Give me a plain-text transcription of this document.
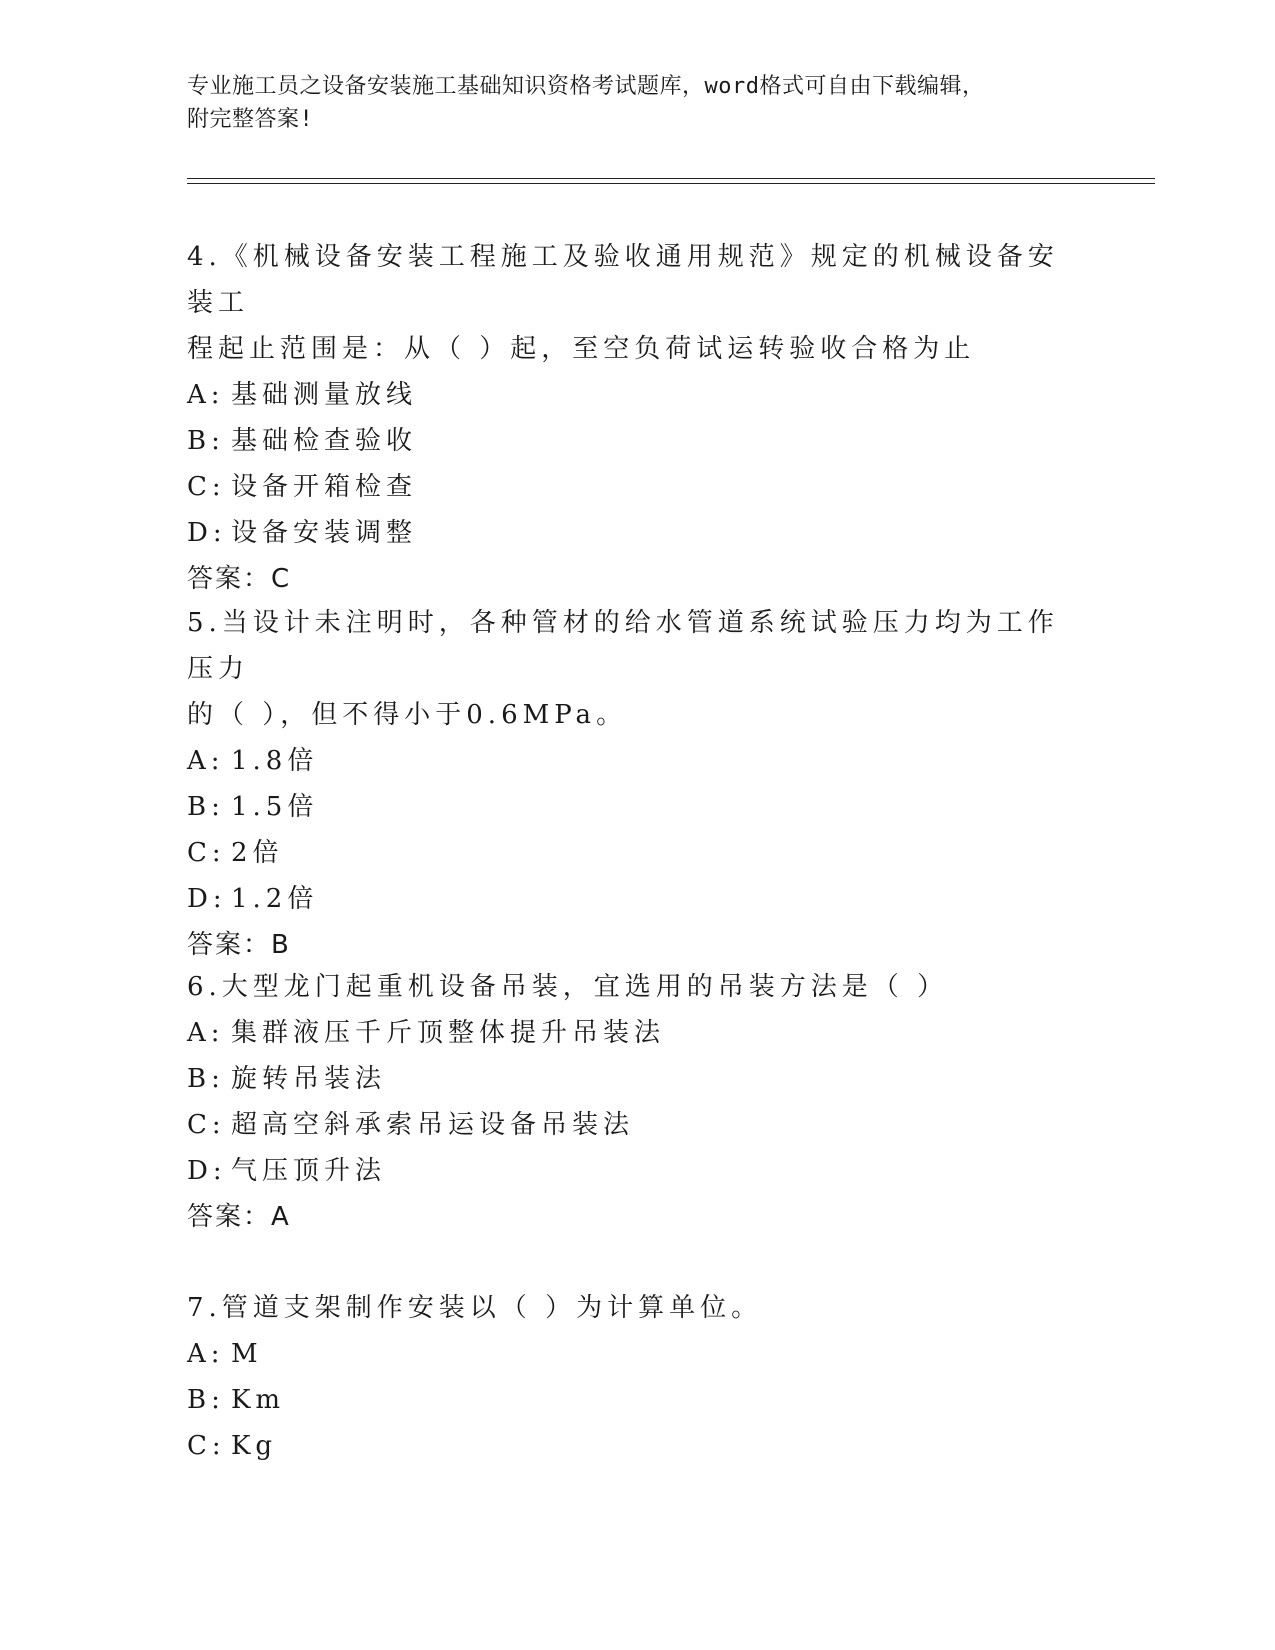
专业施工员之设备安装施工基础知识资格考试题库，word格式可自由下载编辑，
附完整答案!
4.《机械设备安装工程施工及验收通用规范》规定的机械设备安装工
程起止范围是：从（ ）起，至空负荷试运转验收合格为止
A: 基础测量放线
B: 基础检查验收
C: 设备开箱检查
D: 设备安装调整
答案：C
5.当设计未注明时，各种管材的给水管道系统试验压力均为工作压力
的（ ），但不得小于0.6MPa。
A: 1.8倍
B: 1.5倍
C: 2倍
D: 1.2倍
答案：B
6.大型龙门起重机设备吊装，宜选用的吊装方法是（ ）
A: 集群液压千斤顶整体提升吊装法
B: 旋转吊装法
C: 超高空斜承索吊运设备吊装法
D: 气压顶升法
答案：A
7.管道支架制作安装以（ ）为计算单位。
A: M
B: Km
C: Kg
